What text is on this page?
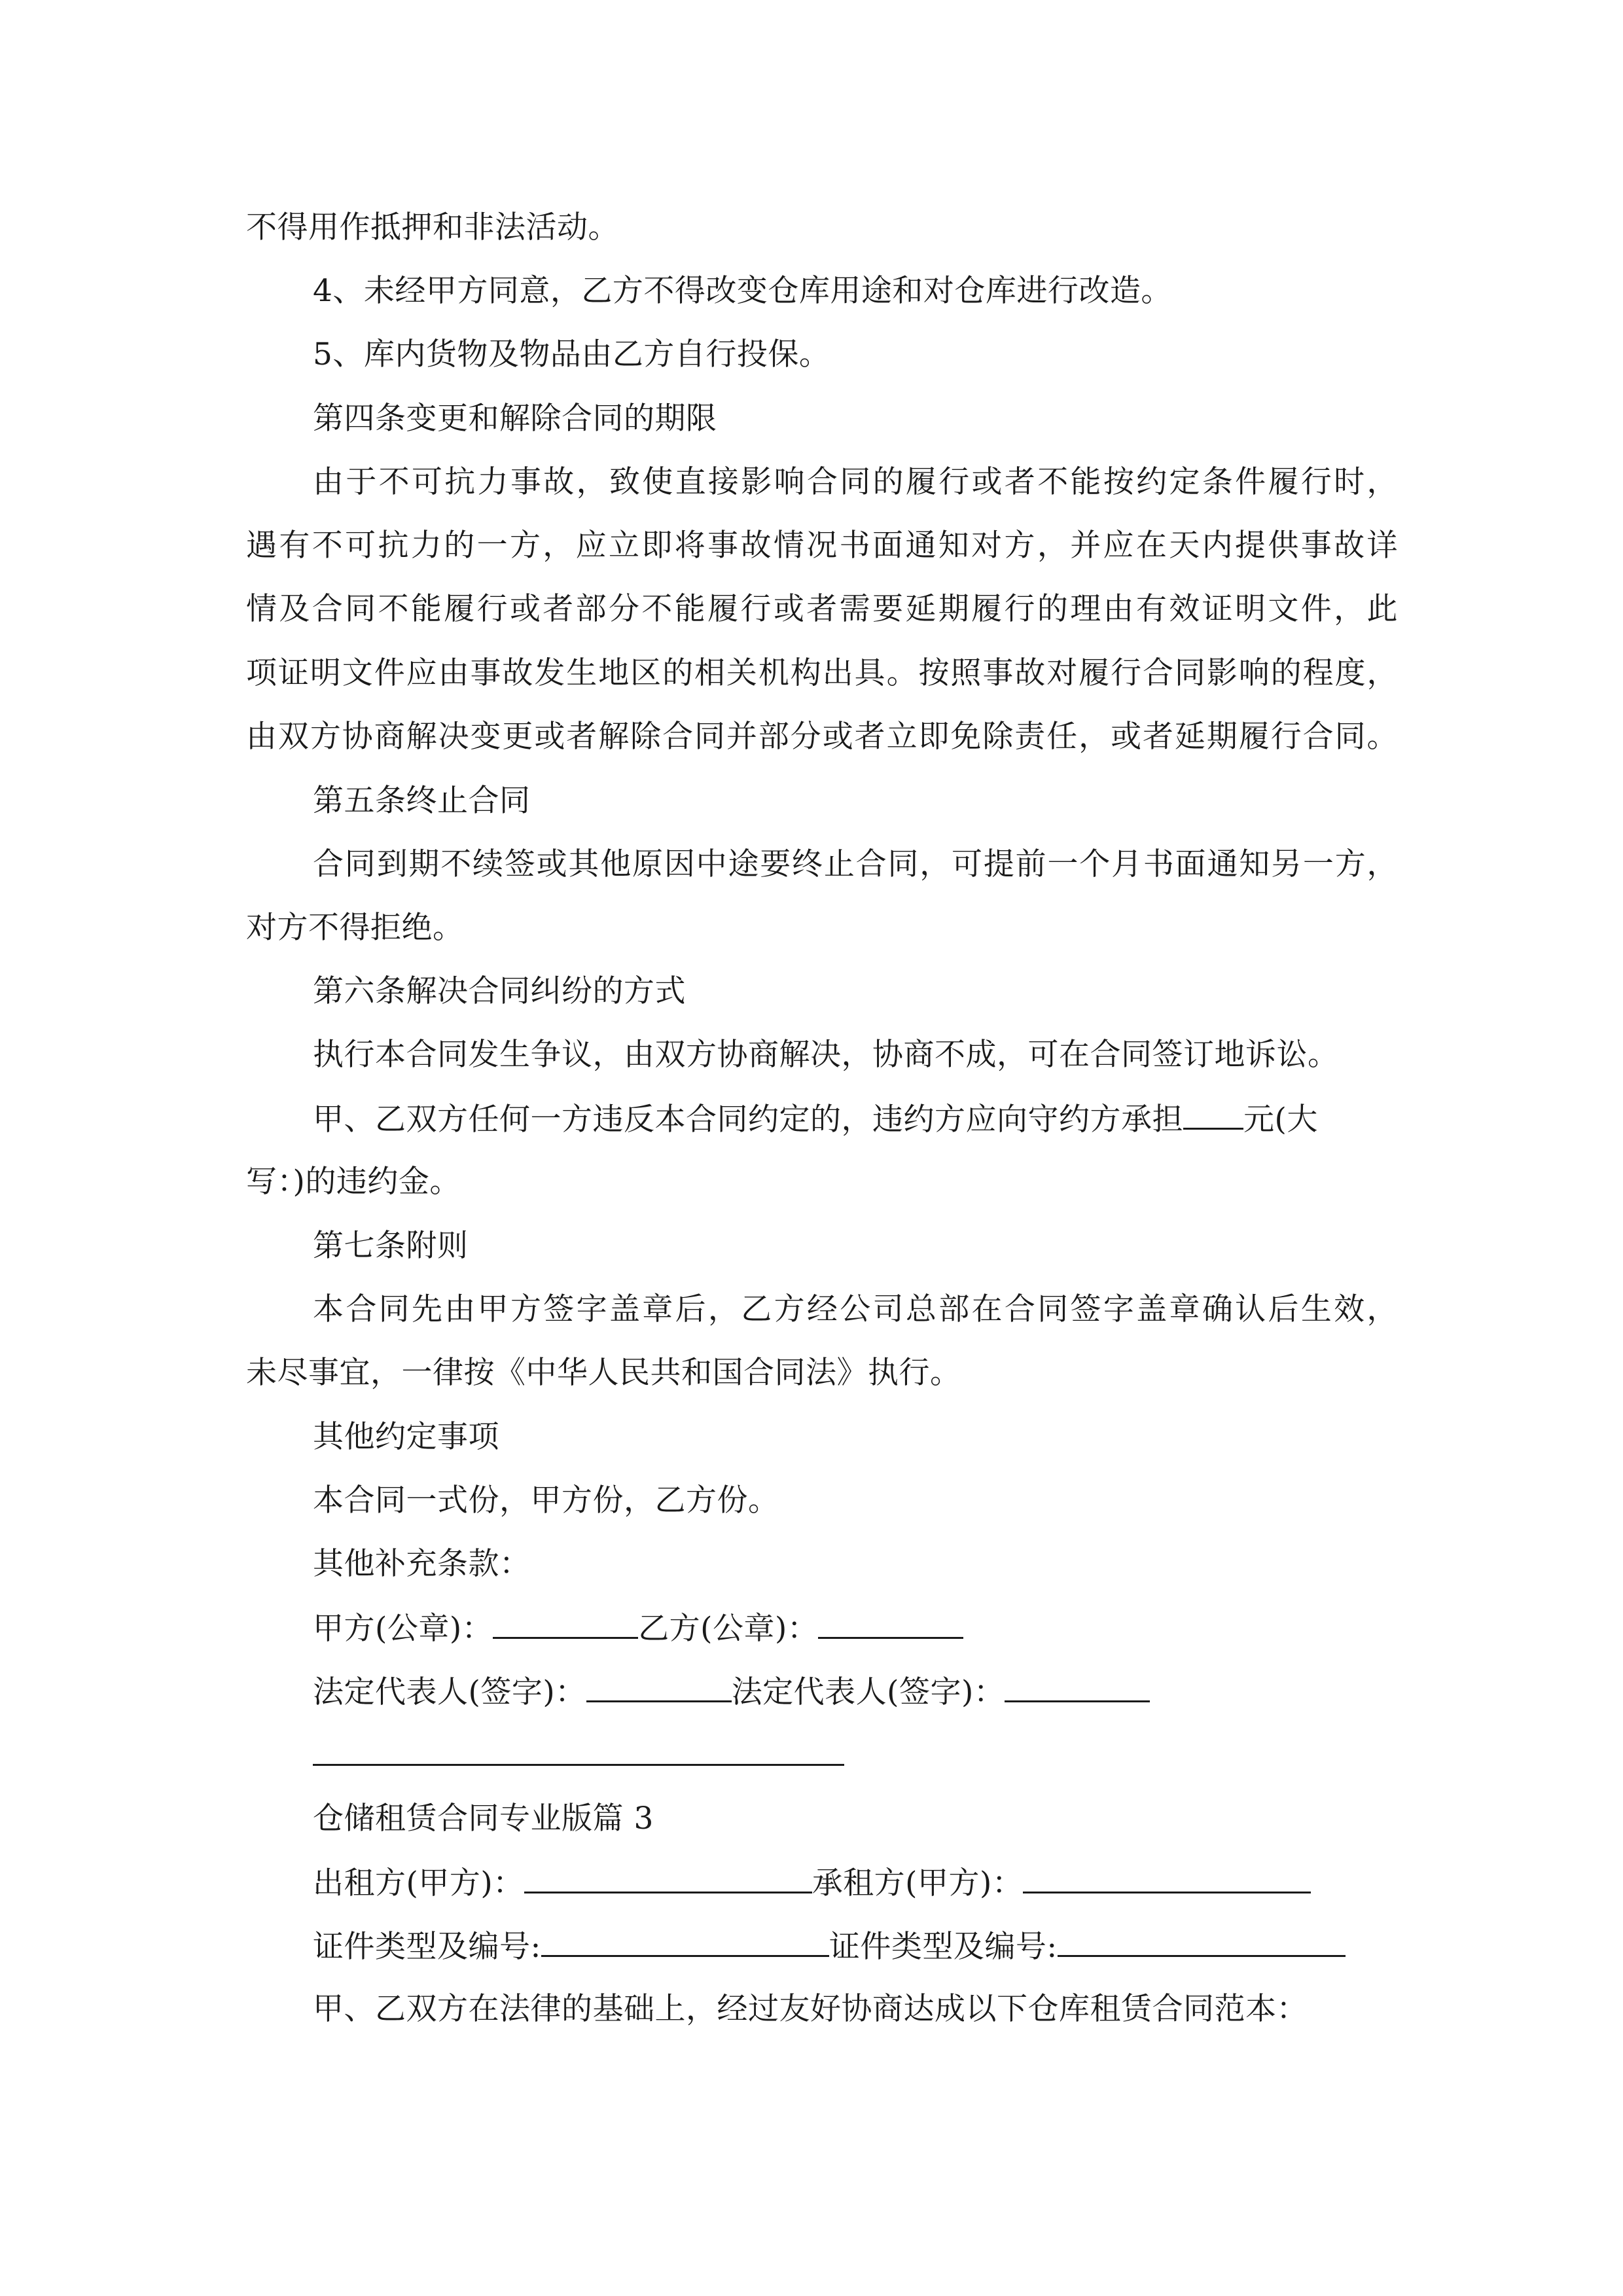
不得用作抵押和非法活动。
4、未经甲方同意，乙方不得改变仓库用途和对仓库进行改造。
5、库内货物及物品由乙方自行投保。
第四条变更和解除合同的期限
由于不可抗力事故，致使直接影响合同的履行或者不能按约定条件履行时，
遇有不可抗力的一方，应立即将事故情况书面通知对方，并应在天内提供事故详
情及合同不能履行或者部分不能履行或者需要延期履行的理由有效证明文件，此
项证明文件应由事故发生地区的相关机构出具。按照事故对履行合同影响的程度，
由双方协商解决变更或者解除合同并部分或者立即免除责任，或者延期履行合同。
第五条终止合同
合同到期不续签或其他原因中途要终止合同，可提前一个月书面通知另一方，
对方不得拒绝。
第六条解决合同纠纷的方式
执行本合同发生争议，由双方协商解决，协商不成，可在合同签订地诉讼。
甲、乙双方任何一方违反本合同约定的，违约方应向守约方承担 元(大
写：)的违约金。
第七条附则
本合同先由甲方签字盖章后，乙方经公司总部在合同签字盖章确认后生效，
未尽事宜，一律按《中华人民共和国合同法》执行。
其他约定事项
本合同一式份，甲方份，乙方份。
其他补充条款：
甲方(公章)：	乙方(公章)：
法定代表人(签字)：	法定代表人(签字)：
仓储租赁合同专业版篇 3
出租方(甲方)：	承租方(甲方)：
证件类型及编号:	证件类型及编号:
甲、乙双方在法律的基础上，经过友好协商达成以下仓库租赁合同范本：
